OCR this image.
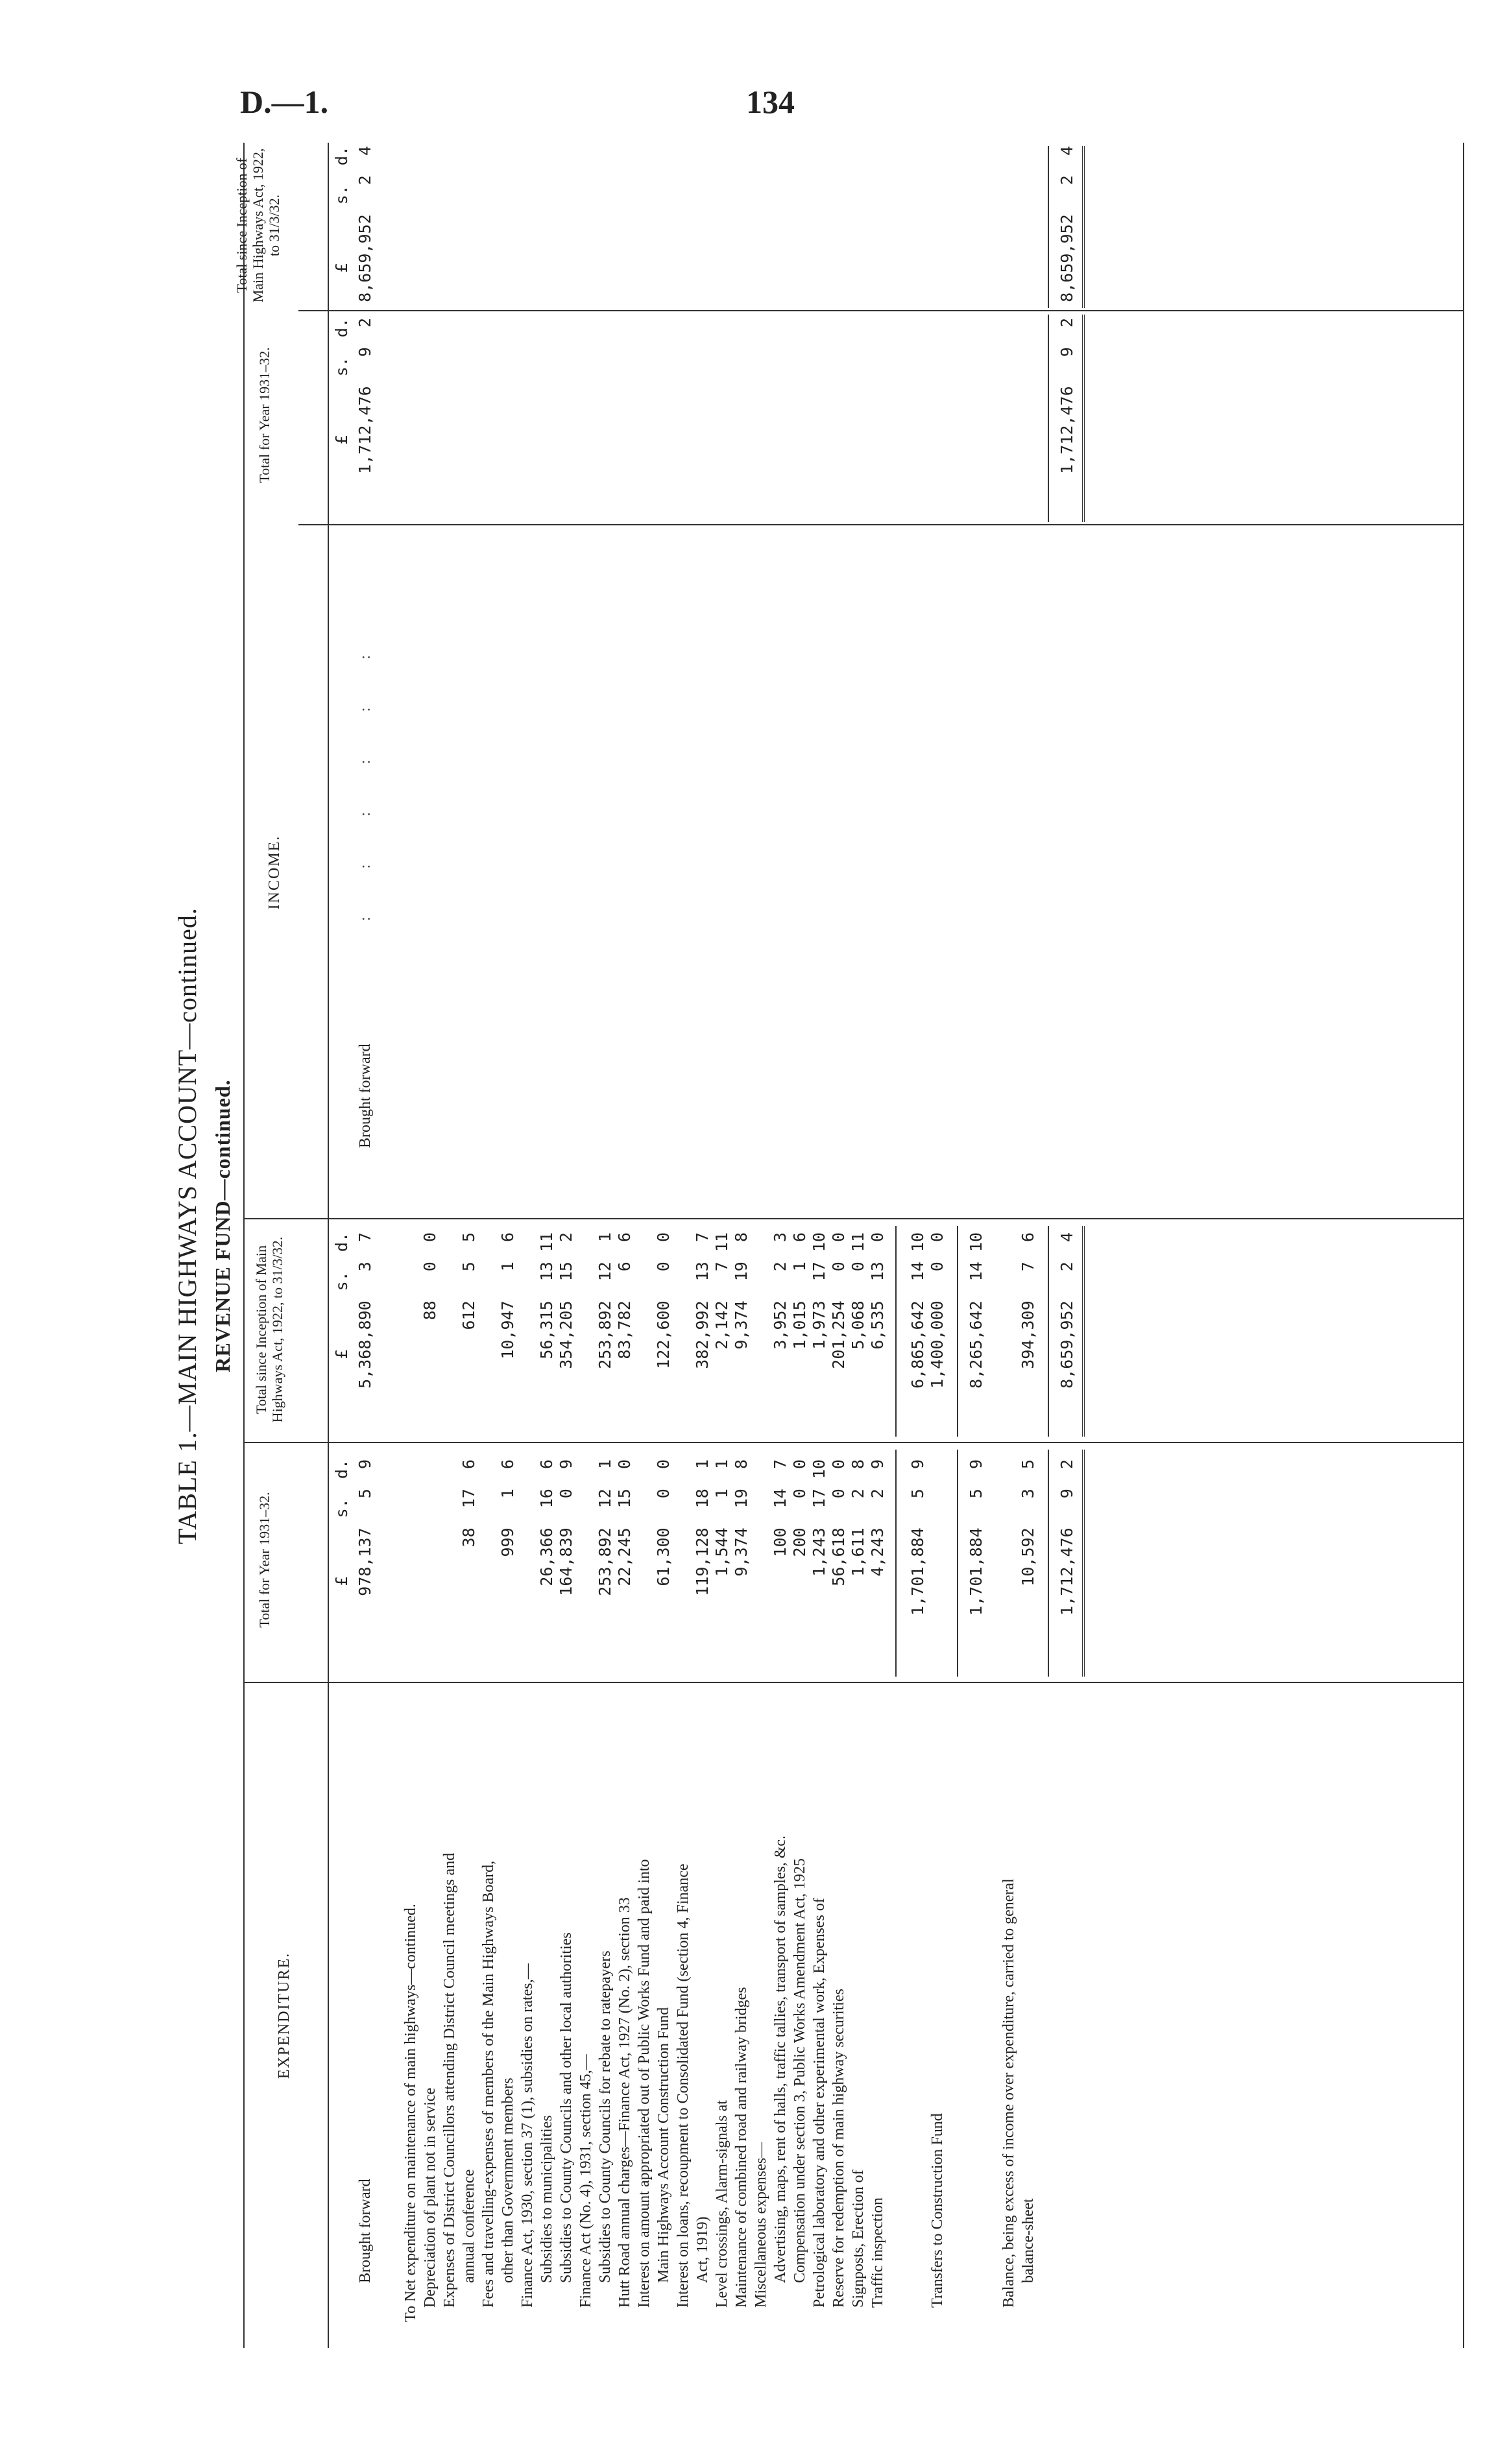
D.—1.	134
TABLE 1.—MAIN HIGHWAYS ACCOUNT—continued. REVENUE FUND—continued.
EXPENDITURE.
Total for Year 1931–32.
Total since Inception of Main Highways Act, 1922, to 31/3/32.
£      s.  d.
£      s.  d.
INCOME.
Total for Year 1931–32.
Total since Inception of Main Highways Act, 1922, to 31/3/32.
£      s.  d.
£      s.  d.
Brought forward
978,137   5  9
5,368,890   3  7
To Net expenditure on maintenance of main highways—continued. Depreciation of plant not in service
88   0  0
Expenses of District Councillors attending District Council meetings and annual conference
38  17  6
612   5  5
Fees and travelling-expenses of members of the Main Highways Board, other than Government members
999   1  6
10,947   1  6
Finance Act, 1930, section 37 (1), subsidies on rates,— Subsidies to municipalities
26,366  16  6
56,315  13 11
Subsidies to County Councils and other local authorities
164,839   0  9
354,205  15  2
Finance Act (No. 4), 1931, section 45,— Subsidies to County Councils for rebate to ratepayers
253,892  12  1
253,892  12  1
Hutt Road annual charges—Finance Act, 1927 (No. 2), section 33
22,245  15  0
83,782   6  6
Interest on amount appropriated out of Public Works Fund and paid into Main Highways Account Construction Fund
61,300   0  0
122,600   0  0
Interest on loans, recoupment to Consolidated Fund (section 4, Finance Act, 1919)
119,128  18  1
382,992  13  7
Level crossings, Alarm-signals at
1,544   1  1
2,142   7 11
Maintenance of combined road and railway bridges
9,374  19  8
9,374  19  8
Miscellaneous expenses— Advertising, maps, rent of halls, traffic tallies, transport of samples, &c.
100  14  7
3,952   2  3
Compensation under section 3, Public Works Amendment Act, 1925
200   0  0
1,015   1  6
Petrological laboratory and other experimental work, Expenses of
1,243  17 10
1,973  17 10
Reserve for redemption of main highway securities
56,618   0  0
201,254   0  0
Signposts, Erection of
1,611   2  8
5,068   0 11
Traffic inspection
4,243   2  9
6,535  13  0
1,701,884   5  9
6,865,642  14 10
Transfers to Construction Fund
1,400,000   0  0
1,701,884   5  9
8,265,642  14 10
Balance, being excess of income over expenditure, carried to general balance-sheet
10,592   3  5
394,309   7  6
1,712,476   9  2
8,659,952   2  4
Brought forward
:   :   :   :   :   :
1,712,476   9  2
8,659,952   2  4
1,712,476   9  2
8,659,952   2  4
